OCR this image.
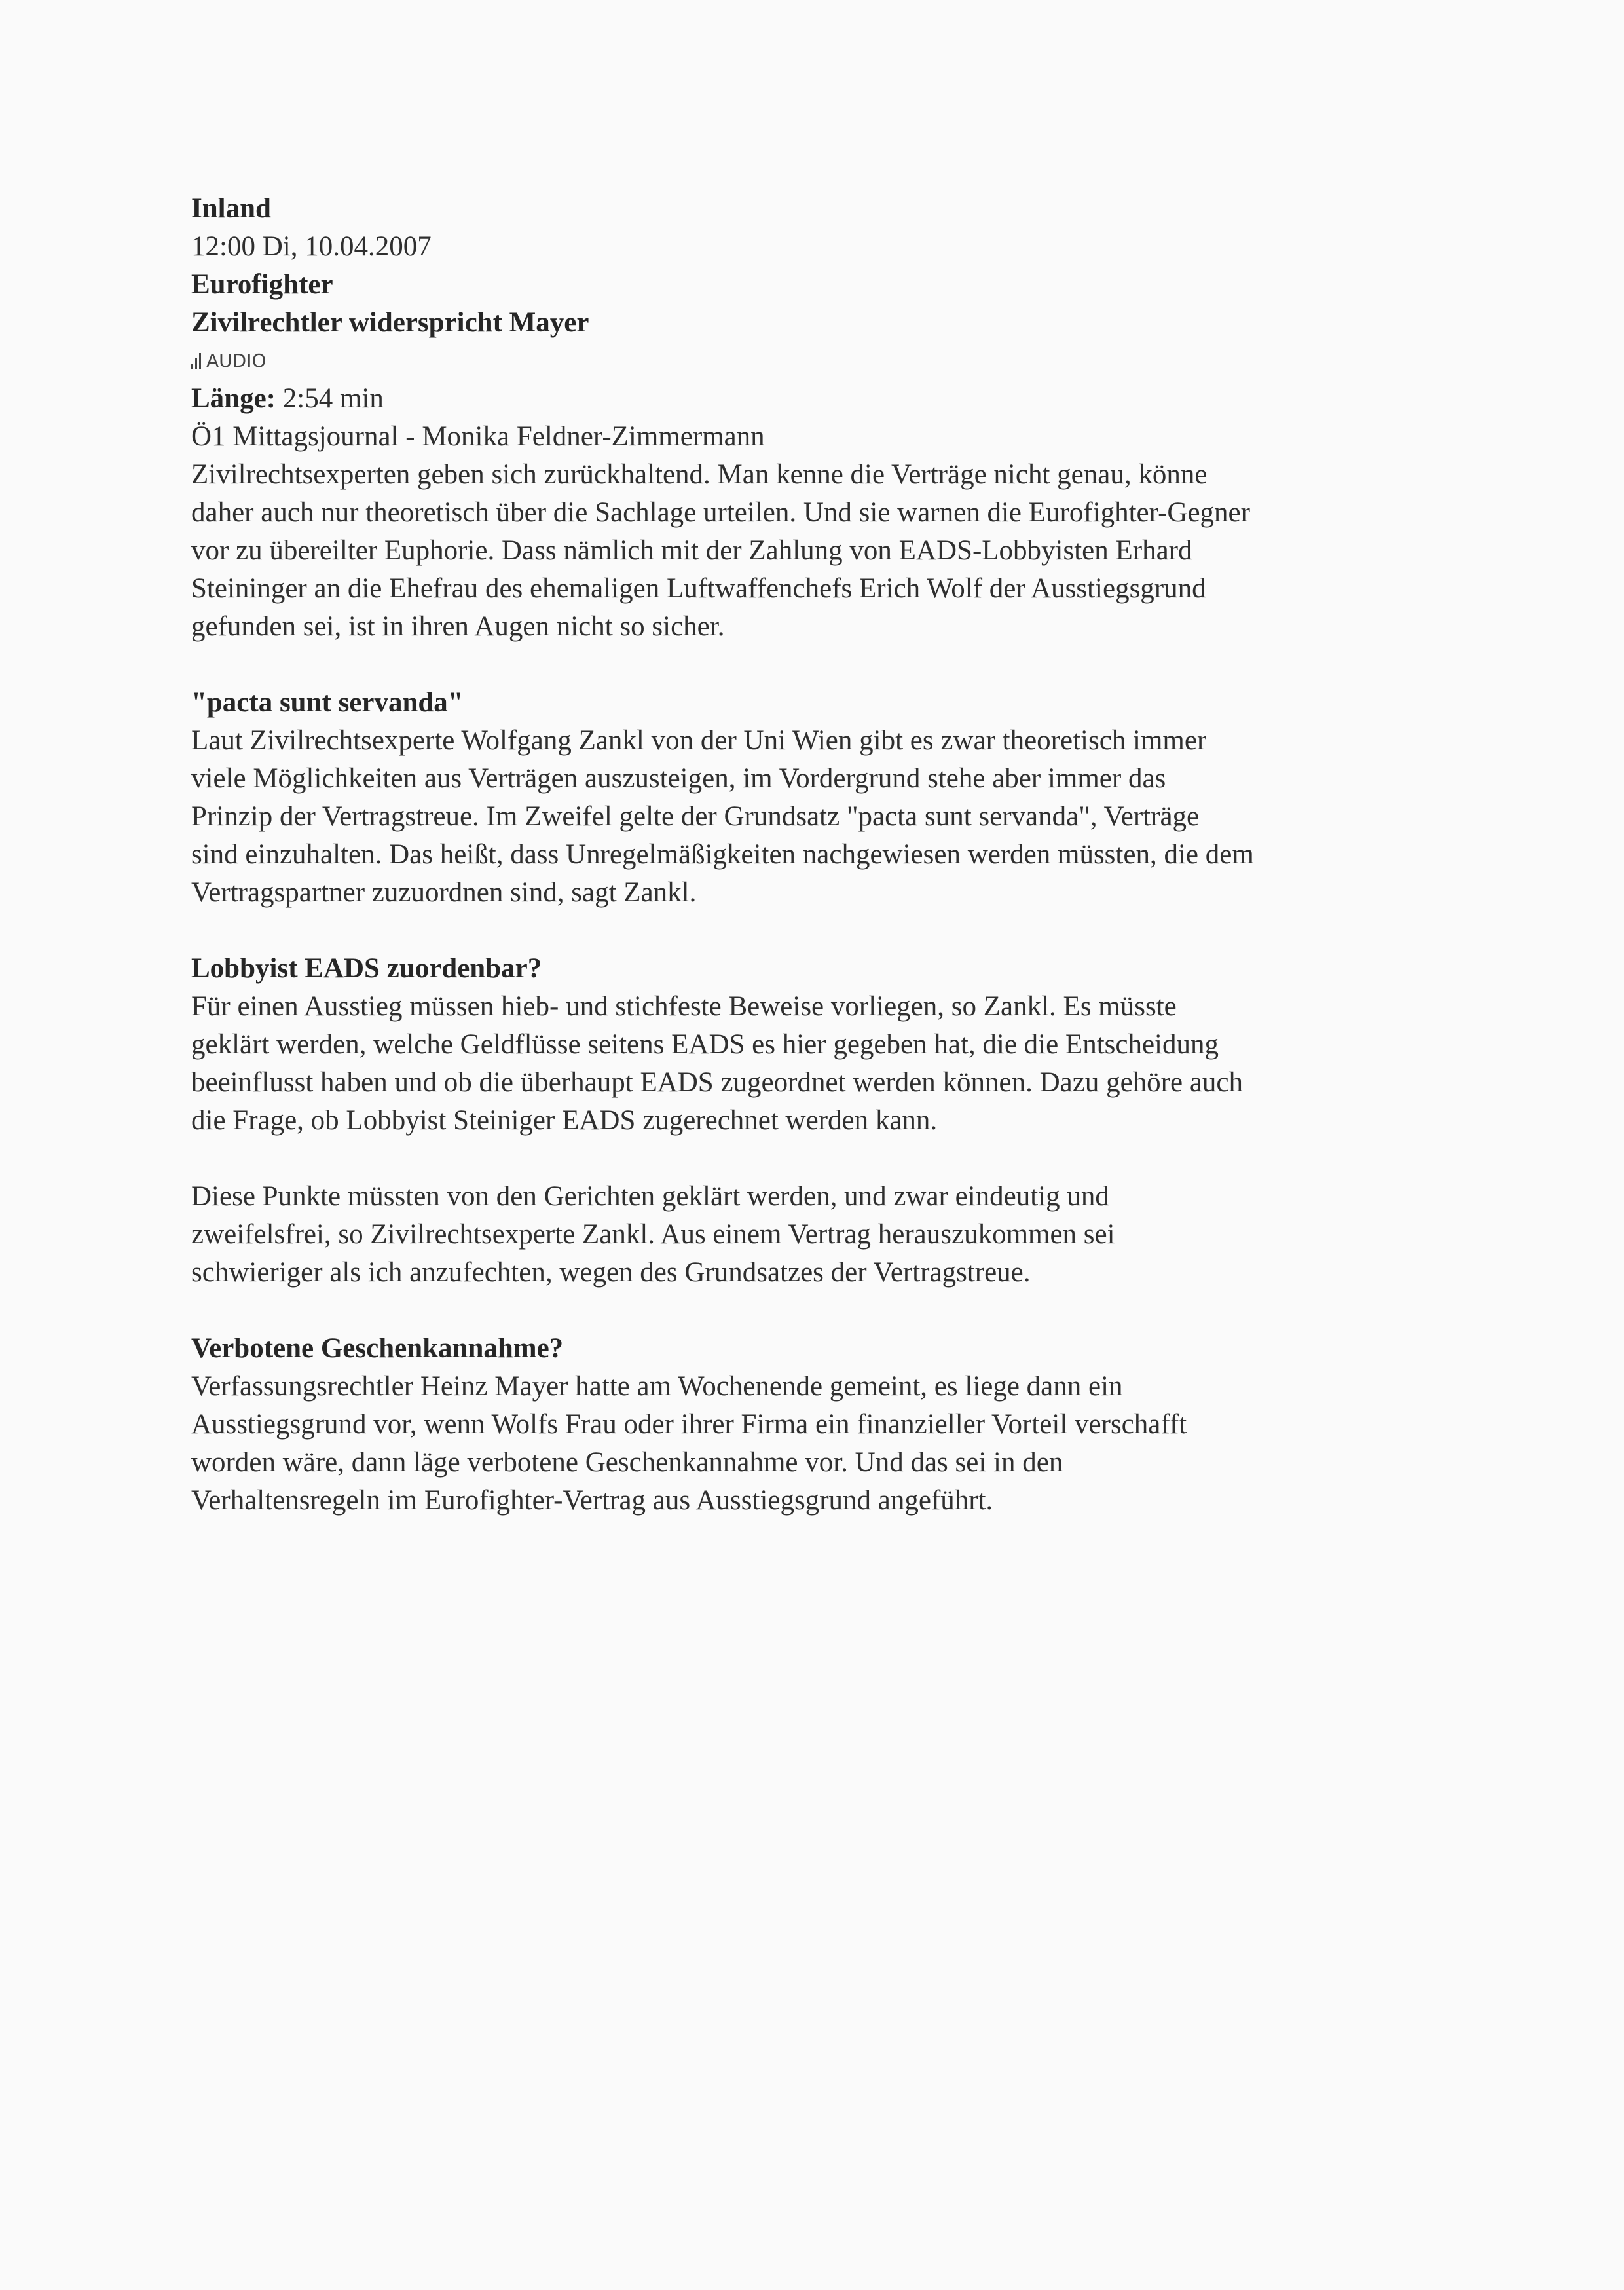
Inland
12:00 Di, 10.04.2007
Eurofighter
Zivilrechtler widerspricht Mayer
AUDIO
Länge: 2:54 min
Ö1 Mittagsjournal - Monika Feldner-Zimmermann
Zivilrechtsexperten geben sich zurückhaltend. Man kenne die Verträge nicht genau, könne
daher auch nur theoretisch über die Sachlage urteilen. Und sie warnen die Eurofighter-Gegner
vor zu übereilter Euphorie. Dass nämlich mit der Zahlung von EADS-Lobbyisten Erhard
Steininger an die Ehefrau des ehemaligen Luftwaffenchefs Erich Wolf der Ausstiegsgrund
gefunden sei, ist in ihren Augen nicht so sicher.
"pacta sunt servanda"
Laut Zivilrechtsexperte Wolfgang Zankl von der Uni Wien gibt es zwar theoretisch immer
viele Möglichkeiten aus Verträgen auszusteigen, im Vordergrund stehe aber immer das
Prinzip der Vertragstreue. Im Zweifel gelte der Grundsatz "pacta sunt servanda", Verträge
sind einzuhalten. Das heißt, dass Unregelmäßigkeiten nachgewiesen werden müssten, die dem
Vertragspartner zuzuordnen sind, sagt Zankl.
Lobbyist EADS zuordenbar?
Für einen Ausstieg müssen hieb- und stichfeste Beweise vorliegen, so Zankl. Es müsste
geklärt werden, welche Geldflüsse seitens EADS es hier gegeben hat, die die Entscheidung
beeinflusst haben und ob die überhaupt EADS zugeordnet werden können. Dazu gehöre auch
die Frage, ob Lobbyist Steiniger EADS zugerechnet werden kann.
Diese Punkte müssten von den Gerichten geklärt werden, und zwar eindeutig und
zweifelsfrei, so Zivilrechtsexperte Zankl. Aus einem Vertrag herauszukommen sei
schwieriger als ich anzufechten, wegen des Grundsatzes der Vertragstreue.
Verbotene Geschenkannahme?
Verfassungsrechtler Heinz Mayer hatte am Wochenende gemeint, es liege dann ein
Ausstiegsgrund vor, wenn Wolfs Frau oder ihrer Firma ein finanzieller Vorteil verschafft
worden wäre, dann läge verbotene Geschenkannahme vor. Und das sei in den
Verhaltensregeln im Eurofighter-Vertrag aus Ausstiegsgrund angeführt.
